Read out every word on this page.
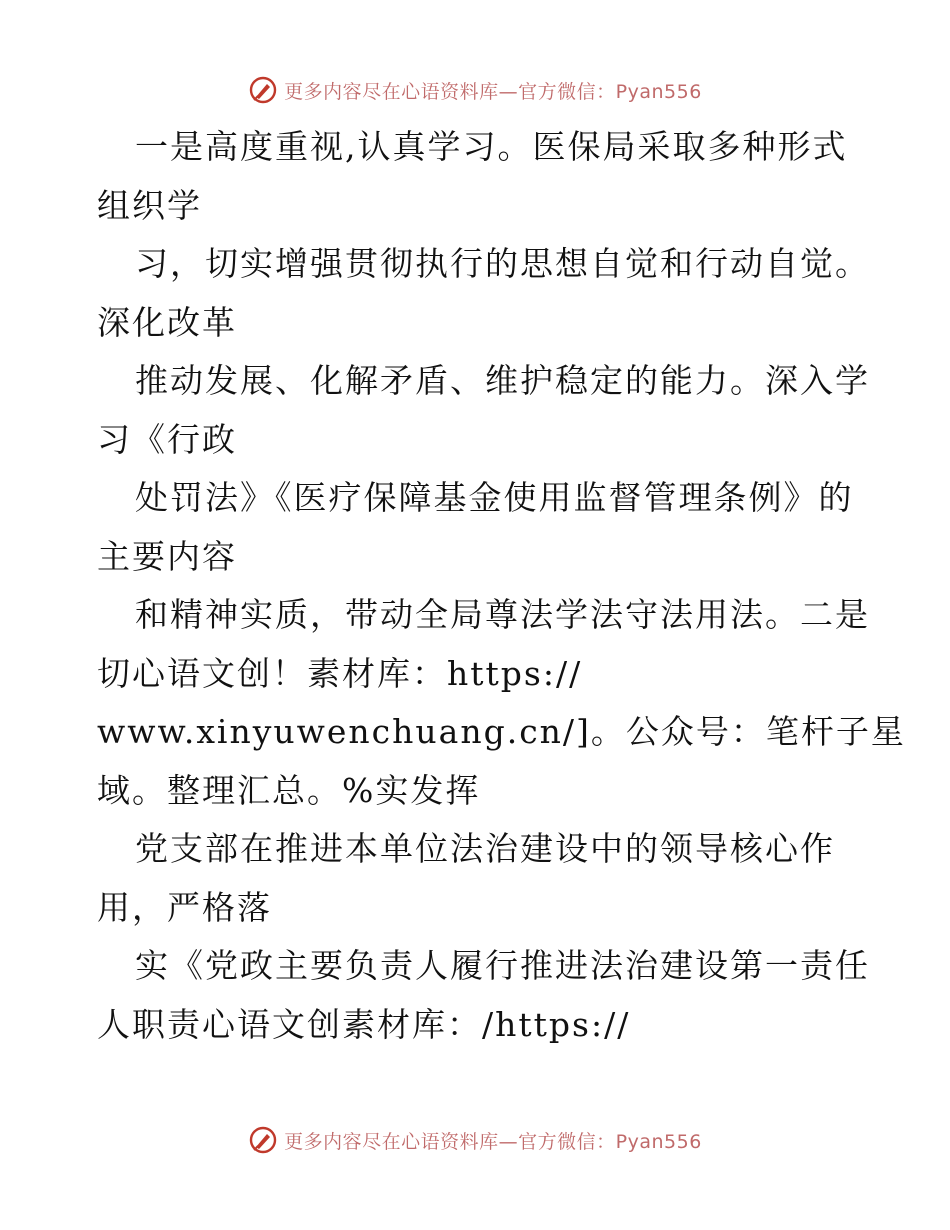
更多内容尽在心语资料库—官方微信：Pyan556

一是高度重视,认真学习。医保局采取多种形式

组织学

习，切实增强贯彻执行的思想自觉和行动自觉。

深化改革

推动发展、化解矛盾、维护稳定的能力。深入学

习《行政

处罚法》《医疗保障基金使用监督管理条例》的

主要内容

和精神实质，带动全局尊法学法守法用法。二是

切心语文创！素材库：https://

www.xinyuwenchuang.cn/]。公众号：笔杆子星

域。整理汇总。%实发挥

党支部在推进本单位法治建设中的领导核心作

用，严格落

实《党政主要负责人履行推进法治建设第一责任

人职责心语文创素材库：/https://

更多内容尽在心语资料库—官方微信：Pyan556
